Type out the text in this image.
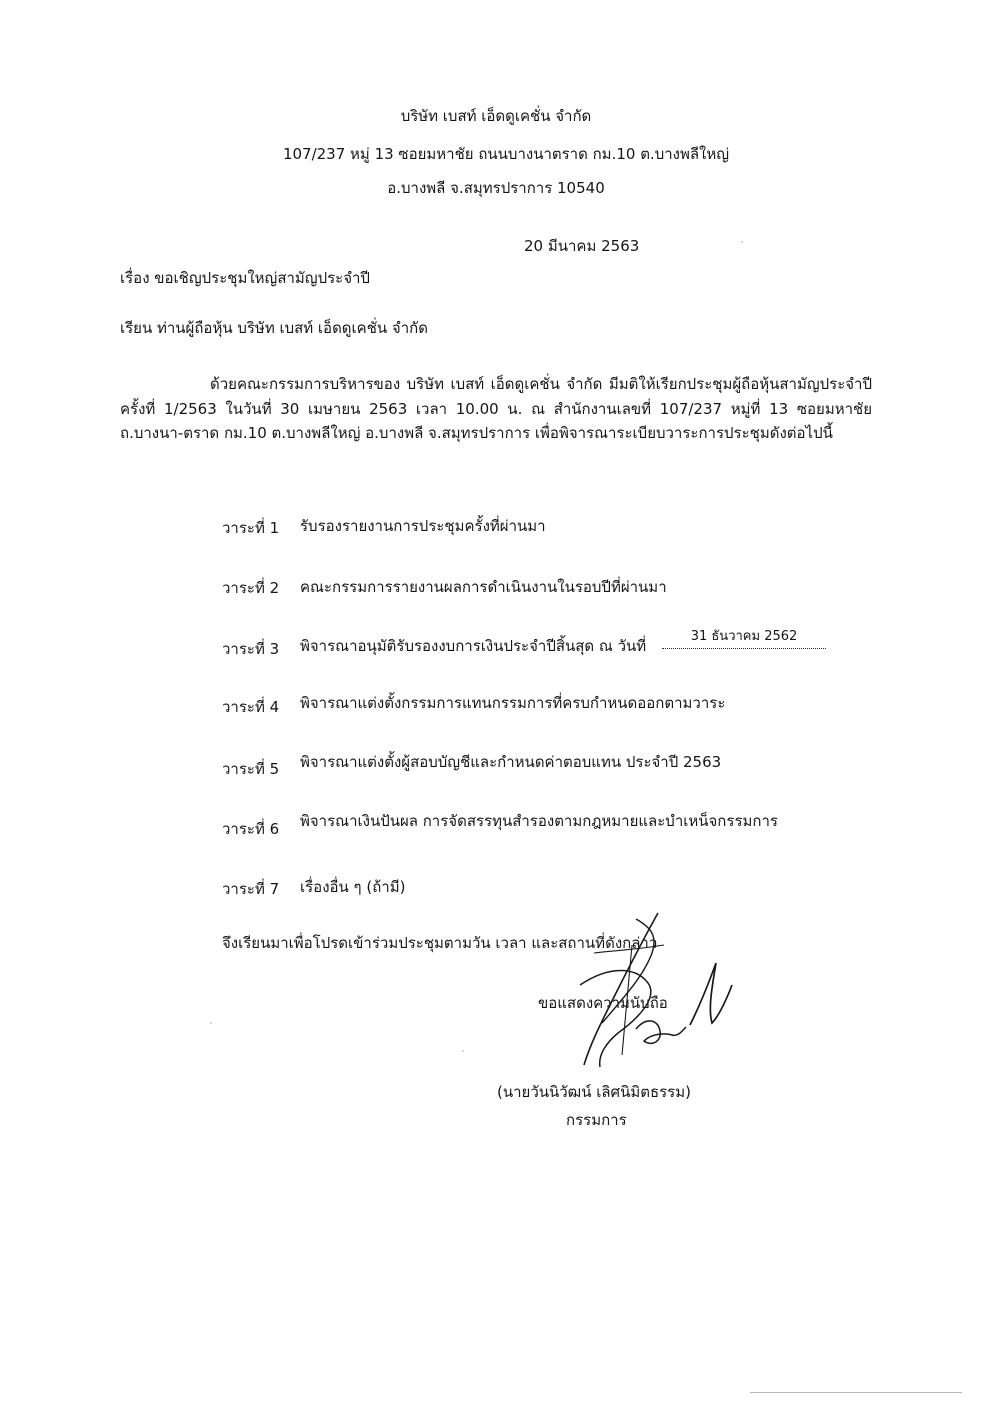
บริษัท เบสท์ เอ็ดดูเคชั่น จำกัด
107/237 หมู่ 13 ซอยมหาชัย ถนนบางนาตราด กม.10 ต.บางพลีใหญ่
อ.บางพลี จ.สมุทรปราการ 10540
20 มีนาคม 2563
เรื่อง ขอเชิญประชุมใหญ่สามัญประจำปี
เรียน ท่านผู้ถือหุ้น บริษัท เบสท์ เอ็ดดูเคชั่น จำกัด
ด้วยคณะกรรมการบริหารของ บริษัท เบสท์ เอ็ดดูเคชั่น จำกัด มีมติให้เรียกประชุมผู้ถือหุ้นสามัญประจำปี ครั้งที่ 1/2563 ในวันที่ 30 เมษายน 2563 เวลา 10.00 น. ณ สำนักงานเลขที่ 107/237 หมู่ที่ 13 ซอยมหาชัย ถ.บางนา-ตราด กม.10 ต.บางพลีใหญ่ อ.บางพลี จ.สมุทรปราการ เพื่อพิจารณาระเบียบวาระการประชุมดังต่อไปนี้
วาระที่ 1 รับรองรายงานการประชุมครั้งที่ผ่านมา
วาระที่ 2 คณะกรรมการรายงานผลการดำเนินงานในรอบปีที่ผ่านมา
วาระที่ 3 พิจารณาอนุมัติรับรองงบการเงินประจำปีสิ้นสุด ณ วันที่
31 ธันวาคม 2562
วาระที่ 4 พิจารณาแต่งตั้งกรรมการแทนกรรมการที่ครบกำหนดออกตามวาระ
วาระที่ 5 พิจารณาแต่งตั้งผู้สอบบัญชีและกำหนดค่าตอบแทน ประจำปี 2563
วาระที่ 6 พิจารณาเงินปันผล การจัดสรรทุนสำรองตามกฎหมายและบำเหน็จกรรมการ
วาระที่ 7 เรื่องอื่น ๆ (ถ้ามี)
จึงเรียนมาเพื่อโปรดเข้าร่วมประชุมตามวัน เวลา และสถานที่ดังกล่าว
ขอแสดงความนับถือ
(นายวันนิวัฒน์ เลิศนิมิตธรรม)
กรรมการ
